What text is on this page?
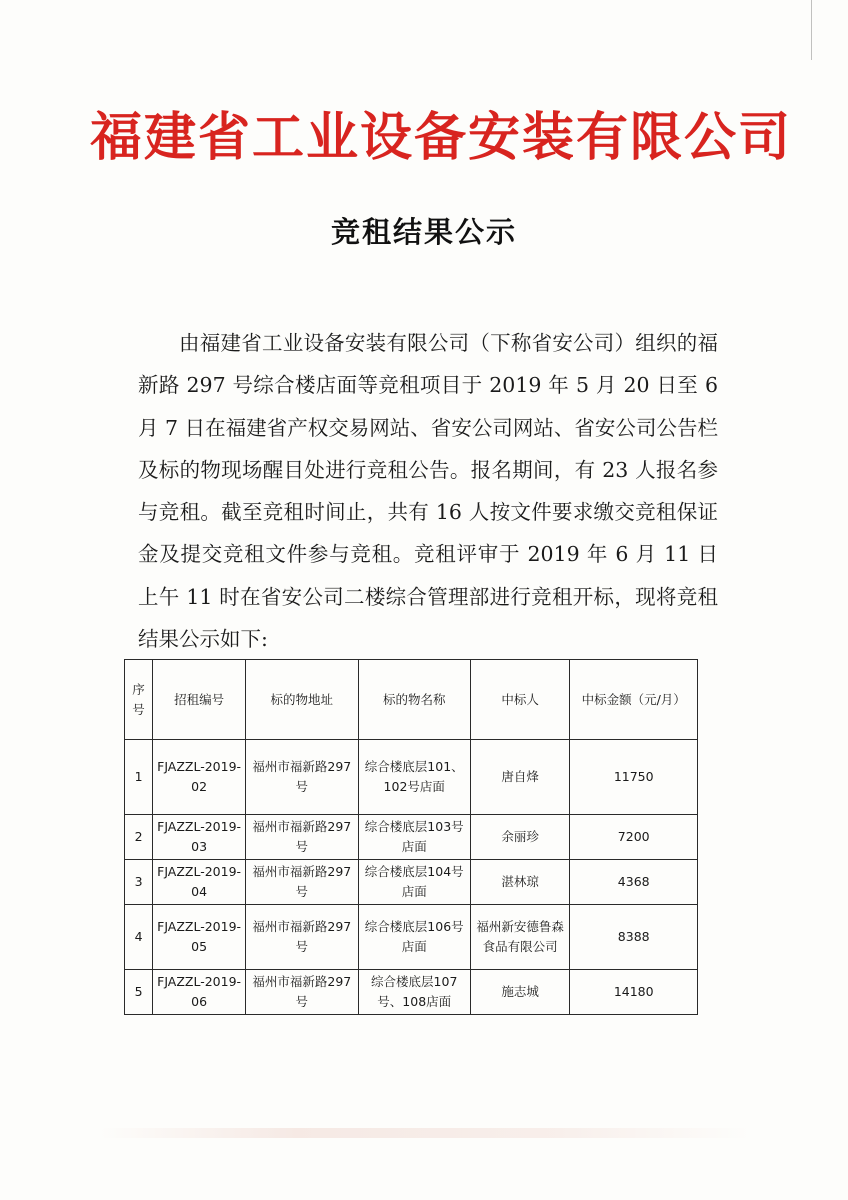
福建省工业设备安装有限公司
竞租结果公示
由福建省工业设备安装有限公司（下称省安公司）组织的福新路 297 号综合楼店面等竞租项目于 2019 年 5 月 20 日至 6 月 7 日在福建省产权交易网站、省安公司网站、省安公司公告栏及标的物现场醒目处进行竞租公告。报名期间，有 23 人报名参与竞租。截至竞租时间止，共有 16 人按文件要求缴交竞租保证金及提交竞租文件参与竞租。竞租评审于 2019 年 6 月 11 日上午 11 时在省安公司二楼综合管理部进行竞租开标，现将竞租结果公示如下:
序号	招租编号	标的物地址	标的物名称	中标人	中标金额（元/月）
1	FJAZZL-2019-02	福州市福新路297号	综合楼底层101、102号店面	唐自烽	11750
2	FJAZZL-2019-03	福州市福新路297号	综合楼底层103号店面	余丽珍	7200
3	FJAZZL-2019-04	福州市福新路297号	综合楼底层104号店面	湛林琼	4368
4	FJAZZL-2019-05	福州市福新路297号	综合楼底层106号店面	福州新安德鲁森食品有限公司	8388
5	FJAZZL-2019-06	福州市福新路297号	综合楼底层107号、108店面	施志城	14180
